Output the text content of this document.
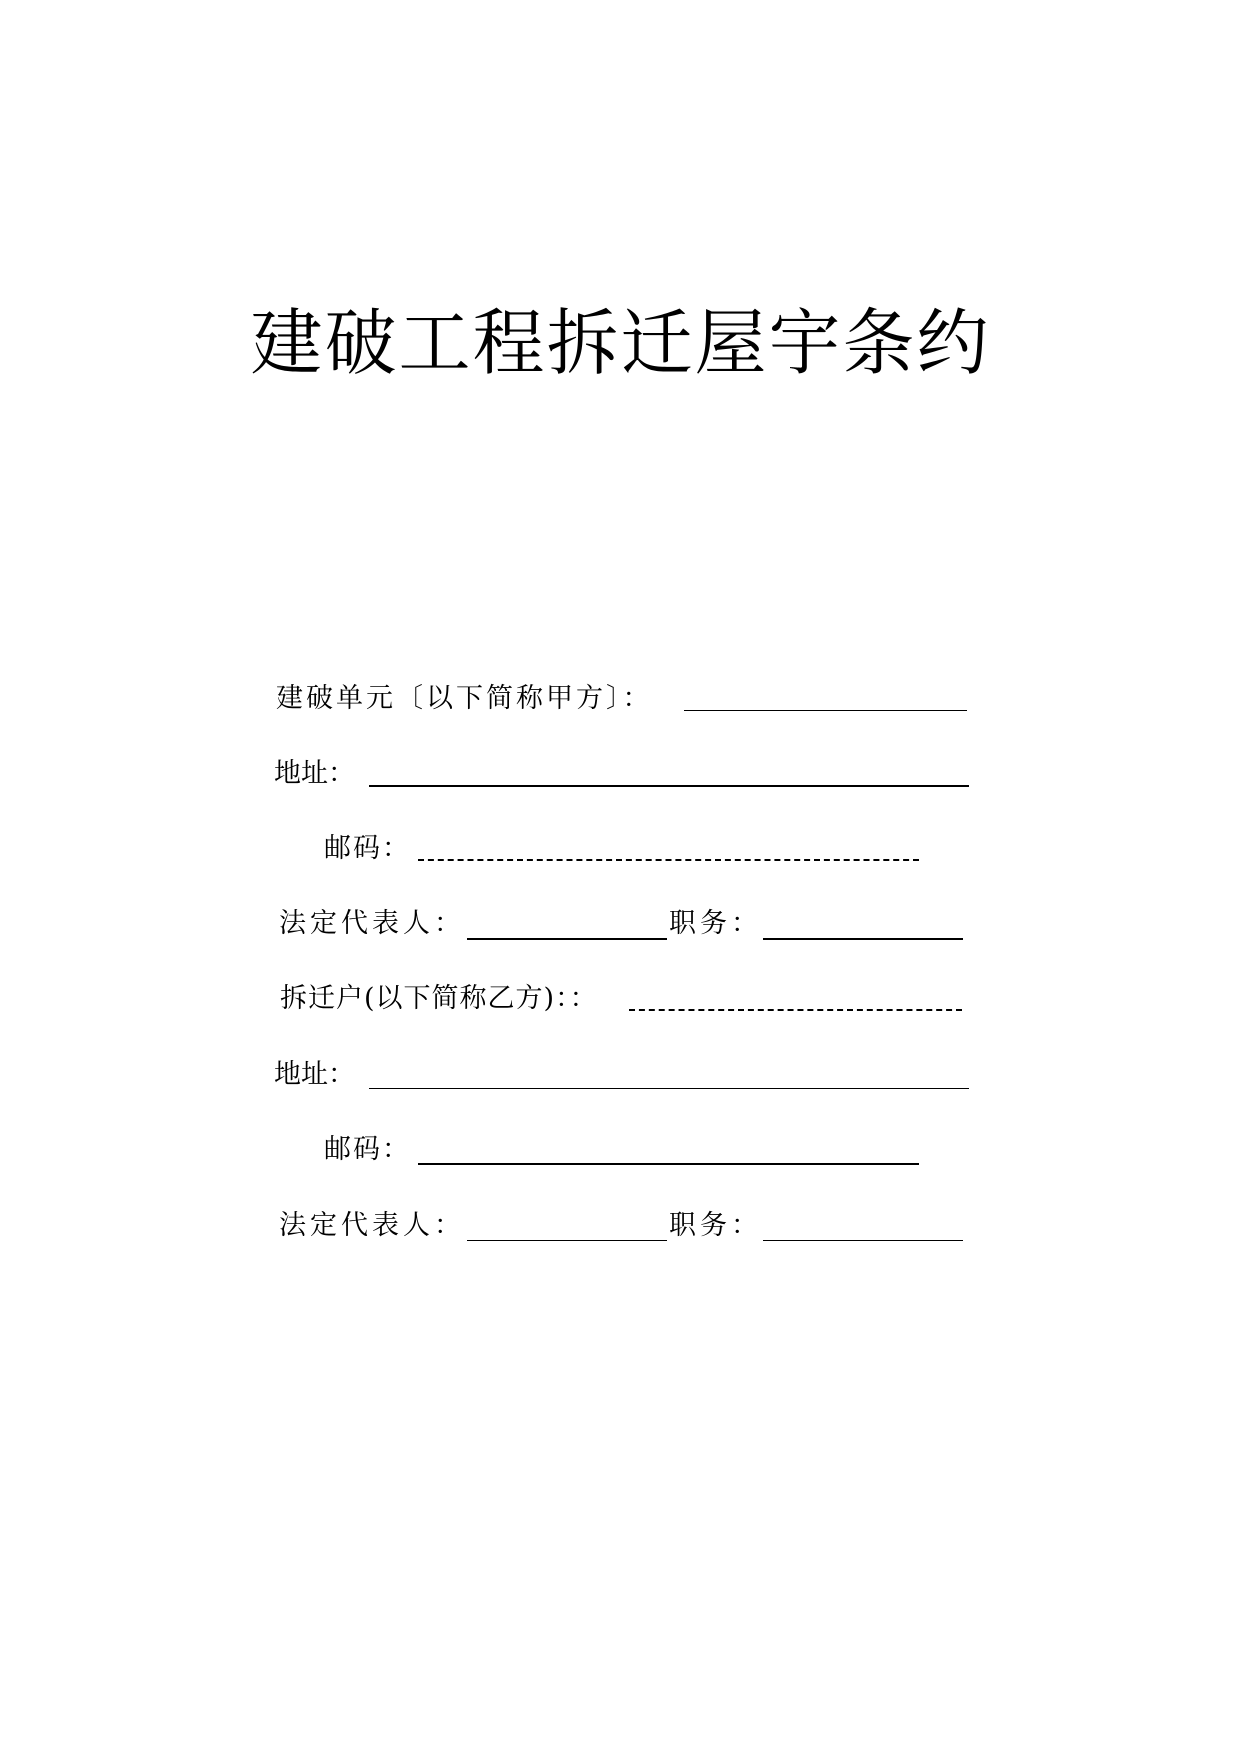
建破工程拆迁屋宇条约
建破单元〔以下简称甲方〕：
地址：
邮码：
法定代表人：	职务：
拆迁户(以下简称乙方)：：
地址：
邮码：
法定代表人：	职务：
